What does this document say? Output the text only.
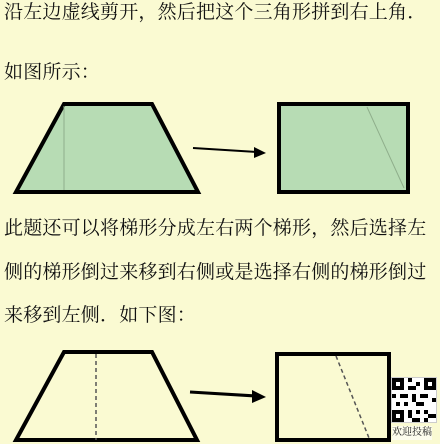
沿左边虚线剪开，然后把这个三角形拼到右上角．
如图所示：
此题还可以将梯形分成左右两个梯形，然后选择左
侧的梯形倒过来移到右侧或是选择右侧的梯形倒过
来移到左侧．如下图：
欢迎投稿
